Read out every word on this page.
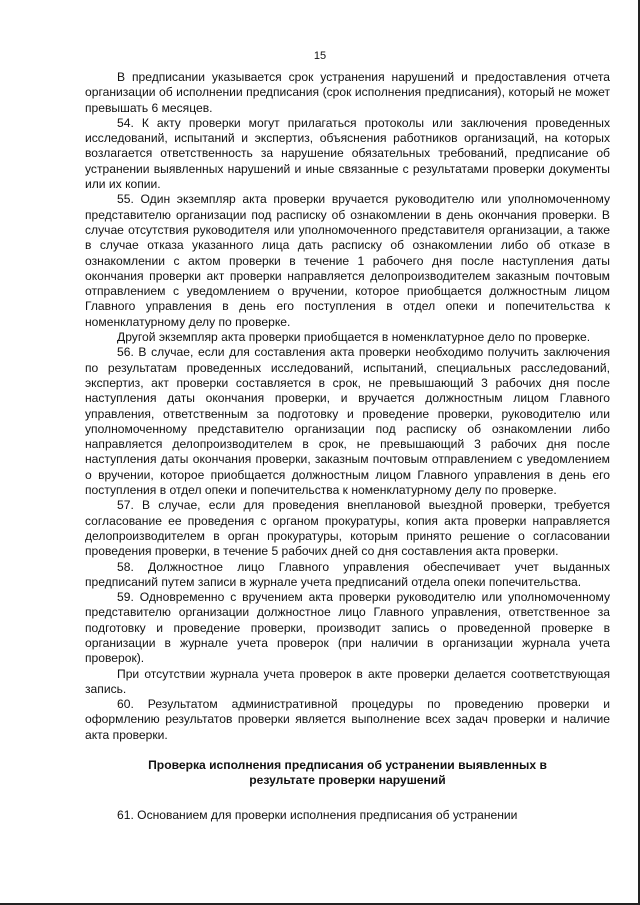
15

В предписании указывается срок устранения нарушений и предоставления отчета организации об исполнении предписания (срок исполнения предписания), который не может превышать 6 месяцев.

54. К акту проверки могут прилагаться протоколы или заключения проведенных исследований, испытаний и экспертиз, объяснения работников организаций, на которых возлагается ответственность за нарушение обязательных требований, предписание об устранении выявленных нарушений и иные связанные с результатами проверки документы или их копии.

55. Один экземпляр акта проверки вручается руководителю или уполномоченному представителю организации под расписку об ознакомлении в день окончания проверки. В случае отсутствия руководителя или уполномоченного представителя организации, а также в случае отказа указанного лица дать расписку об ознакомлении либо об отказе в ознакомлении с актом проверки в течение 1 рабочего дня после наступления даты окончания проверки акт проверки направляется делопроизводителем заказным почтовым отправлением с уведомлением о вручении, которое приобщается должностным лицом Главного управления в день его поступления в отдел опеки и попечительства к номенклатурному делу по проверке.

Другой экземпляр акта проверки приобщается в номенклатурное дело по проверке.

56. В случае, если для составления акта проверки необходимо получить заключения по результатам проведенных исследований, испытаний, специальных расследований, экспертиз, акт проверки составляется в срок, не превышающий 3 рабочих дня после наступления даты окончания проверки, и вручается должностным лицом Главного управления, ответственным за подготовку и проведение проверки, руководителю или уполномоченному представителю организации под расписку об ознакомлении либо направляется делопроизводителем в срок, не превышающий 3 рабочих дня после наступления даты окончания проверки, заказным почтовым отправлением с уведомлением о вручении, которое приобщается должностным лицом Главного управления в день его поступления в отдел опеки и попечительства к номенклатурному делу по проверке.

57. В случае, если для проведения внеплановой выездной проверки, требуется согласование ее проведения с органом прокуратуры, копия акта проверки направляется делопроизводителем в орган прокуратуры, которым принято решение о согласовании проведения проверки, в течение 5 рабочих дней со дня составления акта проверки.

58. Должностное лицо Главного управления обеспечивает учет выданных предписаний путем записи в журнале учета предписаний отдела опеки попечительства.

59. Одновременно с вручением акта проверки руководителю или уполномоченному представителю организации должностное лицо Главного управления, ответственное за подготовку и проведение проверки, производит запись о проведенной проверке в организации в журнале учета проверок (при наличии в организации журнала учета проверок).

При отсутствии журнала учета проверок в акте проверки делается соответствующая запись.

60. Результатом административной процедуры по проведению проверки и оформлению результатов проверки является выполнение всех задач проверки и наличие акта проверки.

Проверка исполнения предписания об устранении выявленных в результате проверки нарушений

61. Основанием для проверки исполнения предписания об устранении
